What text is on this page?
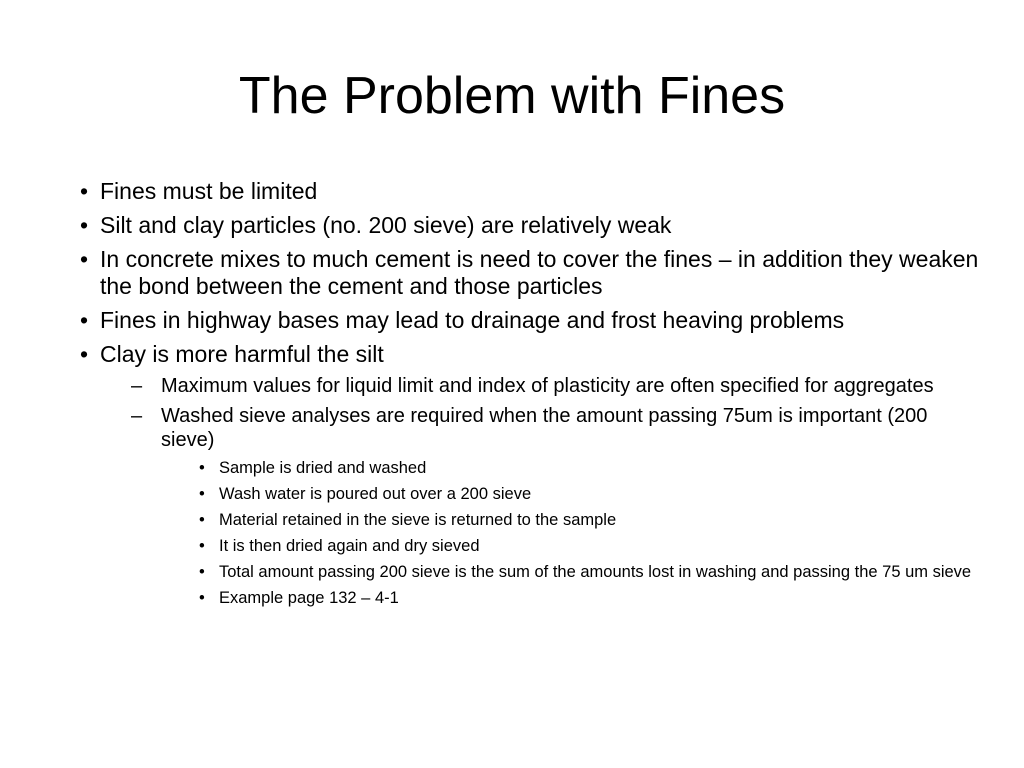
The Problem with Fines
• Fines must be limited
• Silt and clay particles (no. 200 sieve) are relatively weak
• In concrete mixes to much cement is need to cover the fines – in addition they weaken the bond between the cement and those particles
• Fines in highway bases may lead to drainage and frost heaving problems
• Clay is more harmful the silt
– Maximum values for liquid limit and index of plasticity are often specified for aggregates
– Washed sieve analyses are required when the amount passing 75um is important (200 sieve)
• Sample is dried and washed
• Wash water is poured out over a 200 sieve
• Material retained in the sieve is returned to the sample
• It is then dried again and dry sieved
• Total amount passing 200 sieve is the sum of the amounts lost in washing and passing the 75 um sieve
• Example page 132 – 4-1
